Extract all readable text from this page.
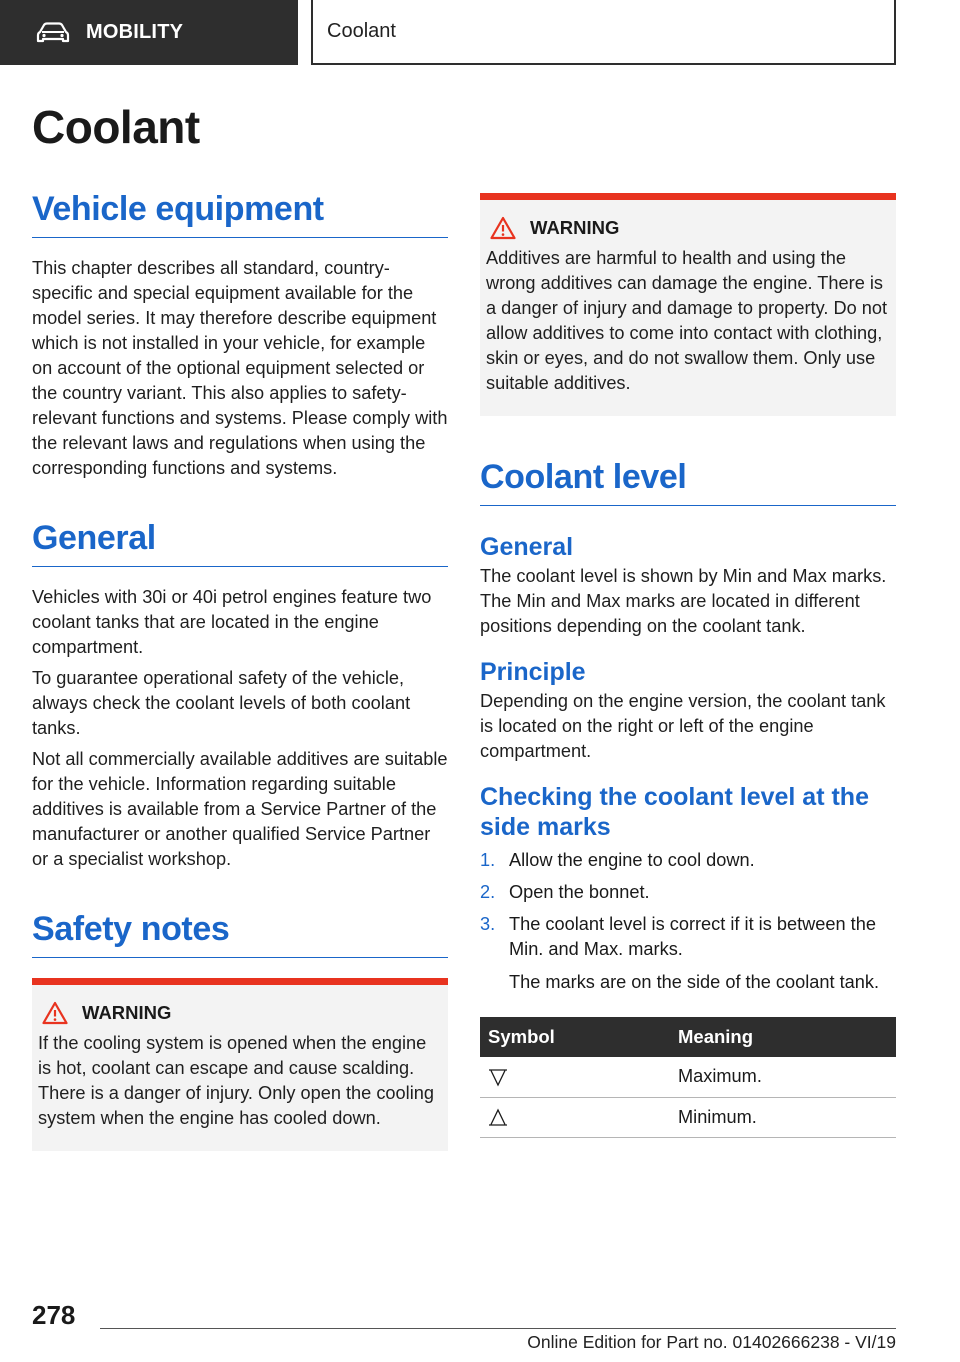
MOBILITY	Coolant
Coolant
Vehicle equipment

This chapter describes all standard, country-specific and special equipment available for the model series. It may therefore describe equipment which is not installed in your vehicle, for example on account of the optional equipment selected or the country variant. This also applies to safety-relevant functions and systems. Please comply with the relevant laws and regulations when using the corresponding functions and systems.

General

Vehicles with 30i or 40i petrol engines feature two coolant tanks that are located in the engine compartment.

To guarantee operational safety of the vehicle, always check the coolant levels of both coolant tanks.

Not all commercially available additives are suitable for the vehicle. Information regarding suitable additives is available from a Service Partner of the manufacturer or another qualified Service Partner or a specialist workshop.

Safety notes
WARNING

If the cooling system is opened when the engine is hot, coolant can escape and cause scalding. There is a danger of injury. Only open the cooling system when the engine has cooled down.

WARNING

Additives are harmful to health and using the wrong additives can damage the engine. There is a danger of injury and damage to property. Do not allow additives to come into contact with clothing, skin or eyes, and do not swallow them. Only use suitable additives.

Coolant level
General

The coolant level is shown by Min and Max marks. The Min and Max marks are located in different positions depending on the coolant tank.

Principle

Depending on the engine version, the coolant tank is located on the right or left of the engine compartment.

Checking the coolant level at the side marks
1. Allow the engine to cool down.
2. Open the bonnet.
3. The coolant level is correct if it is between the Min. and Max. marks.
The marks are on the side of the coolant tank.
Symbol	Meaning
	Maximum.
	Minimum.
278
Online Edition for Part no. 01402666238 - VI/19
